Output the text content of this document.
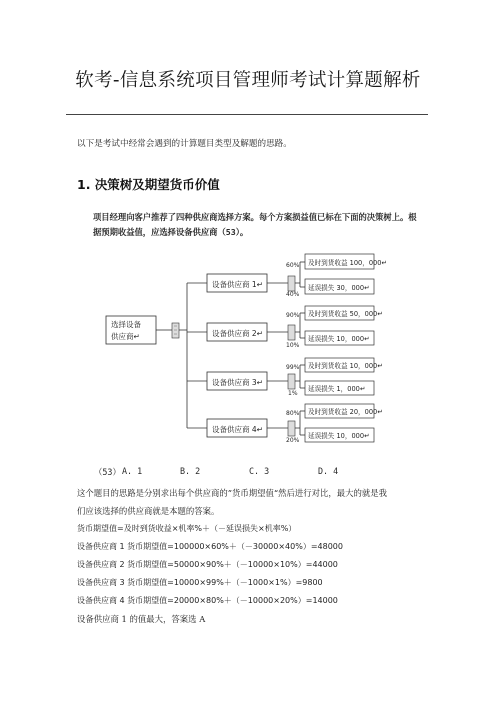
软考-信息系统项目管理师考试计算题解析
以下是考试中经常会遇到的计算题目类型及解题的思路。
1. 决策树及期望货币价值
项目经理向客户推荐了四种供应商选择方案。每个方案损益值已标在下面的决策树上。根
据预期收益值，应选择设备供应商（53）。
选择设备
供应商↵
设备供应商 1↵
60%
40%
及时到货收益 100，000↵
延误损失 30，000↵
设备供应商 2↵
90%
10%
及时到货收益 50，000↵
延误损失 10，000↵
设备供应商 3↵
99%
1%
及时到货收益 10，000↵
延误损失 1，000↵
设备供应商 4↵
80%
20%
及时到货收益 20，000↵
延误损失 10，000↵
（53） A. 1	B. 2	C. 3	D. 4
这个题目的思路是分别求出每个供应商的”货币期望值“然后进行对比，最大的就是我
们应该选择的供应商就是本题的答案。
货币期望值=及时到货收益×机率%＋（－延误损失×机率%）
设备供应商 1 货币期望值=100000×60%＋（－30000×40%）=48000
设备供应商 2 货币期望值=50000×90%＋（－10000×10%）=44000
设备供应商 3 货币期望值=10000×99%＋（－1000×1%）=9800
设备供应商 4 货币期望值=20000×80%＋（－10000×20%）=14000
设备供应商 1 的值最大，答案选 A
